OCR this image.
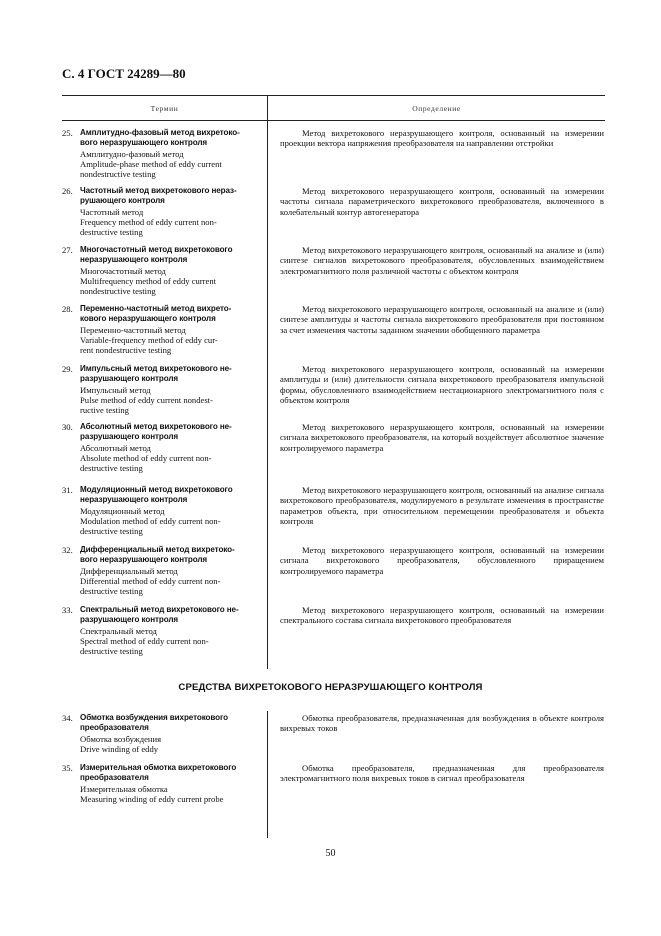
С. 4 ГОСТ 24289—80
Термин	Определение
25. Амплитудно-фазовый метод вихретоко-
вого неразрушающего контроля
Амплитудно-фазовый метод
Amplitude-phase method of eddy current
nondestructive testing
Метод вихретокового неразрушающего контроля, основанный на измерении проекции вектора напряжения преобразователя на направлении отстройки
26. Частотный метод вихретокового нераз-
рушающего контроля
Частотный метод
Frequency method of eddy current non-
destructive testing
Метод вихретокового неразрушающего контроля, основанный на измерении частоты сигнала параметрического вихретокового преобразователя, включенного в колебательный контур автогенератора
27. Многочастотный метод вихретокового
неразрушающего контроля
Многочастотный метод
Multifrequency method of eddy current
nondestructive testing
Метод вихретокового неразрушающего контроля, основанный на анализе и (или) синтезе сигналов вихретокового преобразователя, обусловленных взаимодействием электромагнитного поля различной частоты с объектом контроля
28. Переменно-частотный метод вихрето-
кового неразрушающего контроля
Переменно-частотный метод
Variable-frequency method of eddy cur-
rent nondestructive testing
Метод вихретокового неразрушающего контроля, основанный на анализе и (или) синтезе амплитуды и частоты сигнала вихретокового преобразователя при постоянном за счет изменения частоты заданном значении обобщенного параметра
29. Импульсный метод вихретокового не-
разрушающего контроля
Импульсный метод
Pulse method of eddy current nondest-
ructive testing
Метод вихретокового неразрушающего контроля, основанный на измерении амплитуды и (или) длительности сигнала вихретокового преобразователя импульсной формы, обусловленного взаимодействием нестационарного электромагнитного поля с объектом контроля
30. Абсолютный метод вихретокового не-
разрушающего контроля
Абсолютный метод
Absolute method of eddy current non-
destructive testing
Метод вихретокового неразрушающего контроля, основанный на измерении сигнала вихретокового преобразователя, на который воздействует абсолютное значение контролируемого параметра
31. Модуляционный метод вихретокового
неразрушающего контроля
Модуляционный метод
Modulation method of eddy current non-
destructive testing
Метод вихретокового неразрушающего контроля, основанный на анализе сигнала вихретокового преобразователя, модулируемого в результате изменения в пространстве параметров объекта, при относительном перемещении преобразователя и объекта контроля
32. Дифференциальный метод вихретоко-
вого неразрушающего контроля
Дифференциальный метод
Differential method of eddy current non-
destructive testing
Метод вихретокового неразрушающего контроля, основанный на измерении сигнала вихретокового преобразователя, обусловленного приращением контролируемого параметра
33. Спектральный метод вихретокового не-
разрушающего контроля
Спектральный метод
Spectral method of eddy current non-
destructive testing
Метод вихретокового неразрушающего контроля, основанный на измерении спектрального состава сигнала вихретокового преобразователя
СРЕДСТВА ВИХРЕТОКОВОГО НЕРАЗРУШАЮЩЕГО КОНТРОЛЯ
34. Обмотка возбуждения вихретокового
преобразователя
Обмотка возбуждения
Drive winding of eddy
Обмотка преобразователя, предназначенная для возбуждения в объекте контроля вихревых токов
35. Измерительная обмотка вихретокового
преобразователя
Измерительная обмотка
Measuring winding of eddy current probe
Обмотка преобразователя, предназначенная для преобразователя электромагнитного поля вихревых токов в сигнал преобразователя
50
